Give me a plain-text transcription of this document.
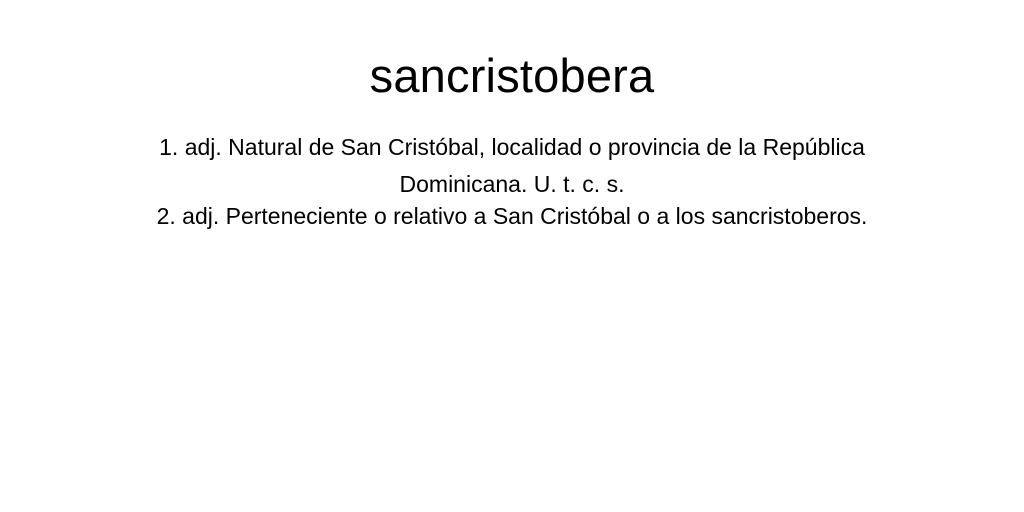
sancristobera
1. adj. Natural de San Cristóbal, localidad o provincia de la República Dominicana. U. t. c. s.
2. adj. Perteneciente o relativo a San Cristóbal o a los sancristoberos.
